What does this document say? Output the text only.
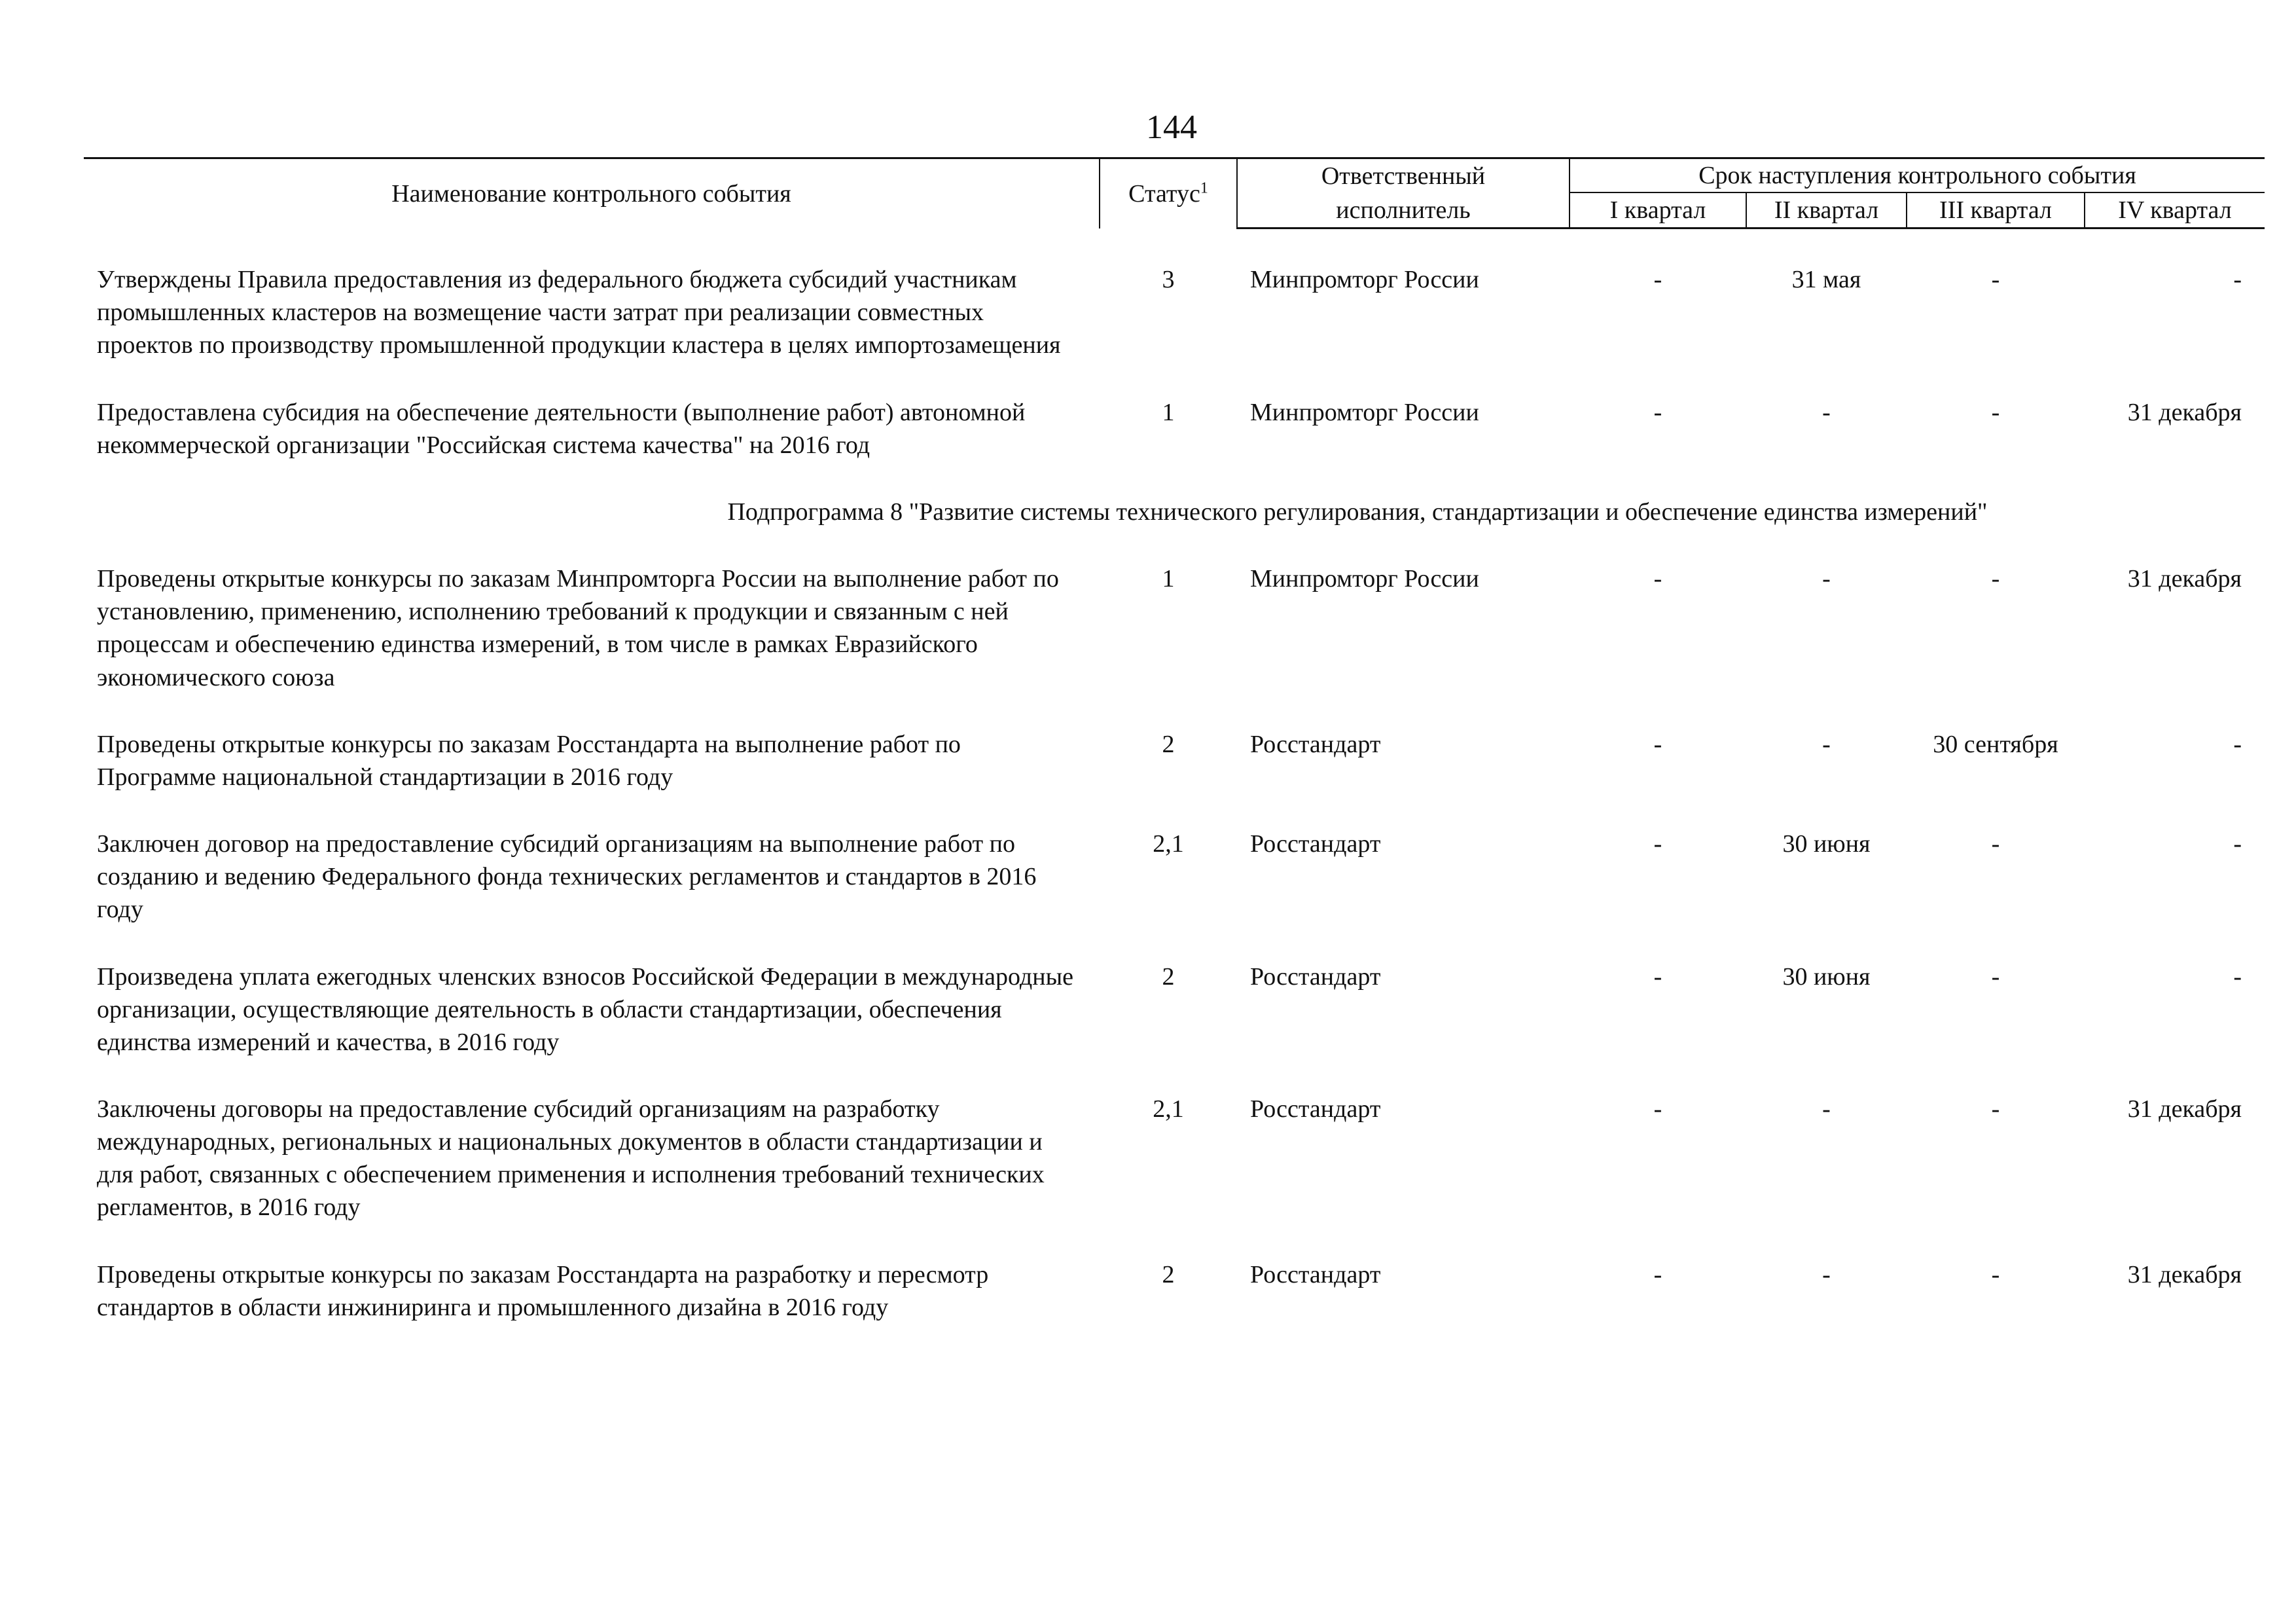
144
Наименование контрольного события	Статус$^1$	Ответственный	Срок наступления контрольного события			
		исполнитель	I квартал	II квартал	III квартал	IV квартал

Утверждены Правила предоставления из федерального бюджета субсидий участникам промышленных кластеров на возмещение части затрат при реализации совместных проектов по производству промышленной продукции кластера в целях импортозамещения	3	Минпромторг России	-	31 мая	-	-

Предоставлена субсидия на обеспечение деятельности (выполнение работ) автономной некоммерческой организации "Российская система качества" на 2016 год	1	Минпромторг России	-	-	-	31 декабря

Подпрограмма 8 "Развитие системы технического регулирования, стандартизации и обеспечение единства измерений"						

Проведены открытые конкурсы по заказам Минпромторга России на выполнение работ по установлению, применению, исполнению требований к продукции и связанным с ней процессам и обеспечению единства измерений, в том числе в рамках Евразийского экономического союза	1	Минпромторг России	-	-	-	31 декабря

Проведены открытые конкурсы по заказам Росстандарта на выполнение работ по Программе национальной стандартизации в 2016 году	2	Росстандарт	-	-	30 сентября	-

Заключен договор на предоставление субсидий организациям на выполнение работ по созданию и ведению Федерального фонда технических регламентов и стандартов в 2016 году	2,1	Росстандарт	-	30 июня	-	-

Произведена уплата ежегодных членских взносов Российской Федерации в международные организации, осуществляющие деятельность в области стандартизации, обеспечения единства измерений и качества, в 2016 году	2	Росстандарт	-	30 июня	-	-

Заключены договоры на предоставление субсидий организациям на разработку международных, региональных и национальных документов в области стандартизации и для работ, связанных с обеспечением применения и исполнения требований технических регламентов, в 2016 году	2,1	Росстандарт	-	-	-	31 декабря

Проведены открытые конкурсы по заказам Росстандарта на разработку и пересмотр стандартов в области инжиниринга и промышленного дизайна в 2016 году	2	Росстандарт	-	-	-	31 декабря
